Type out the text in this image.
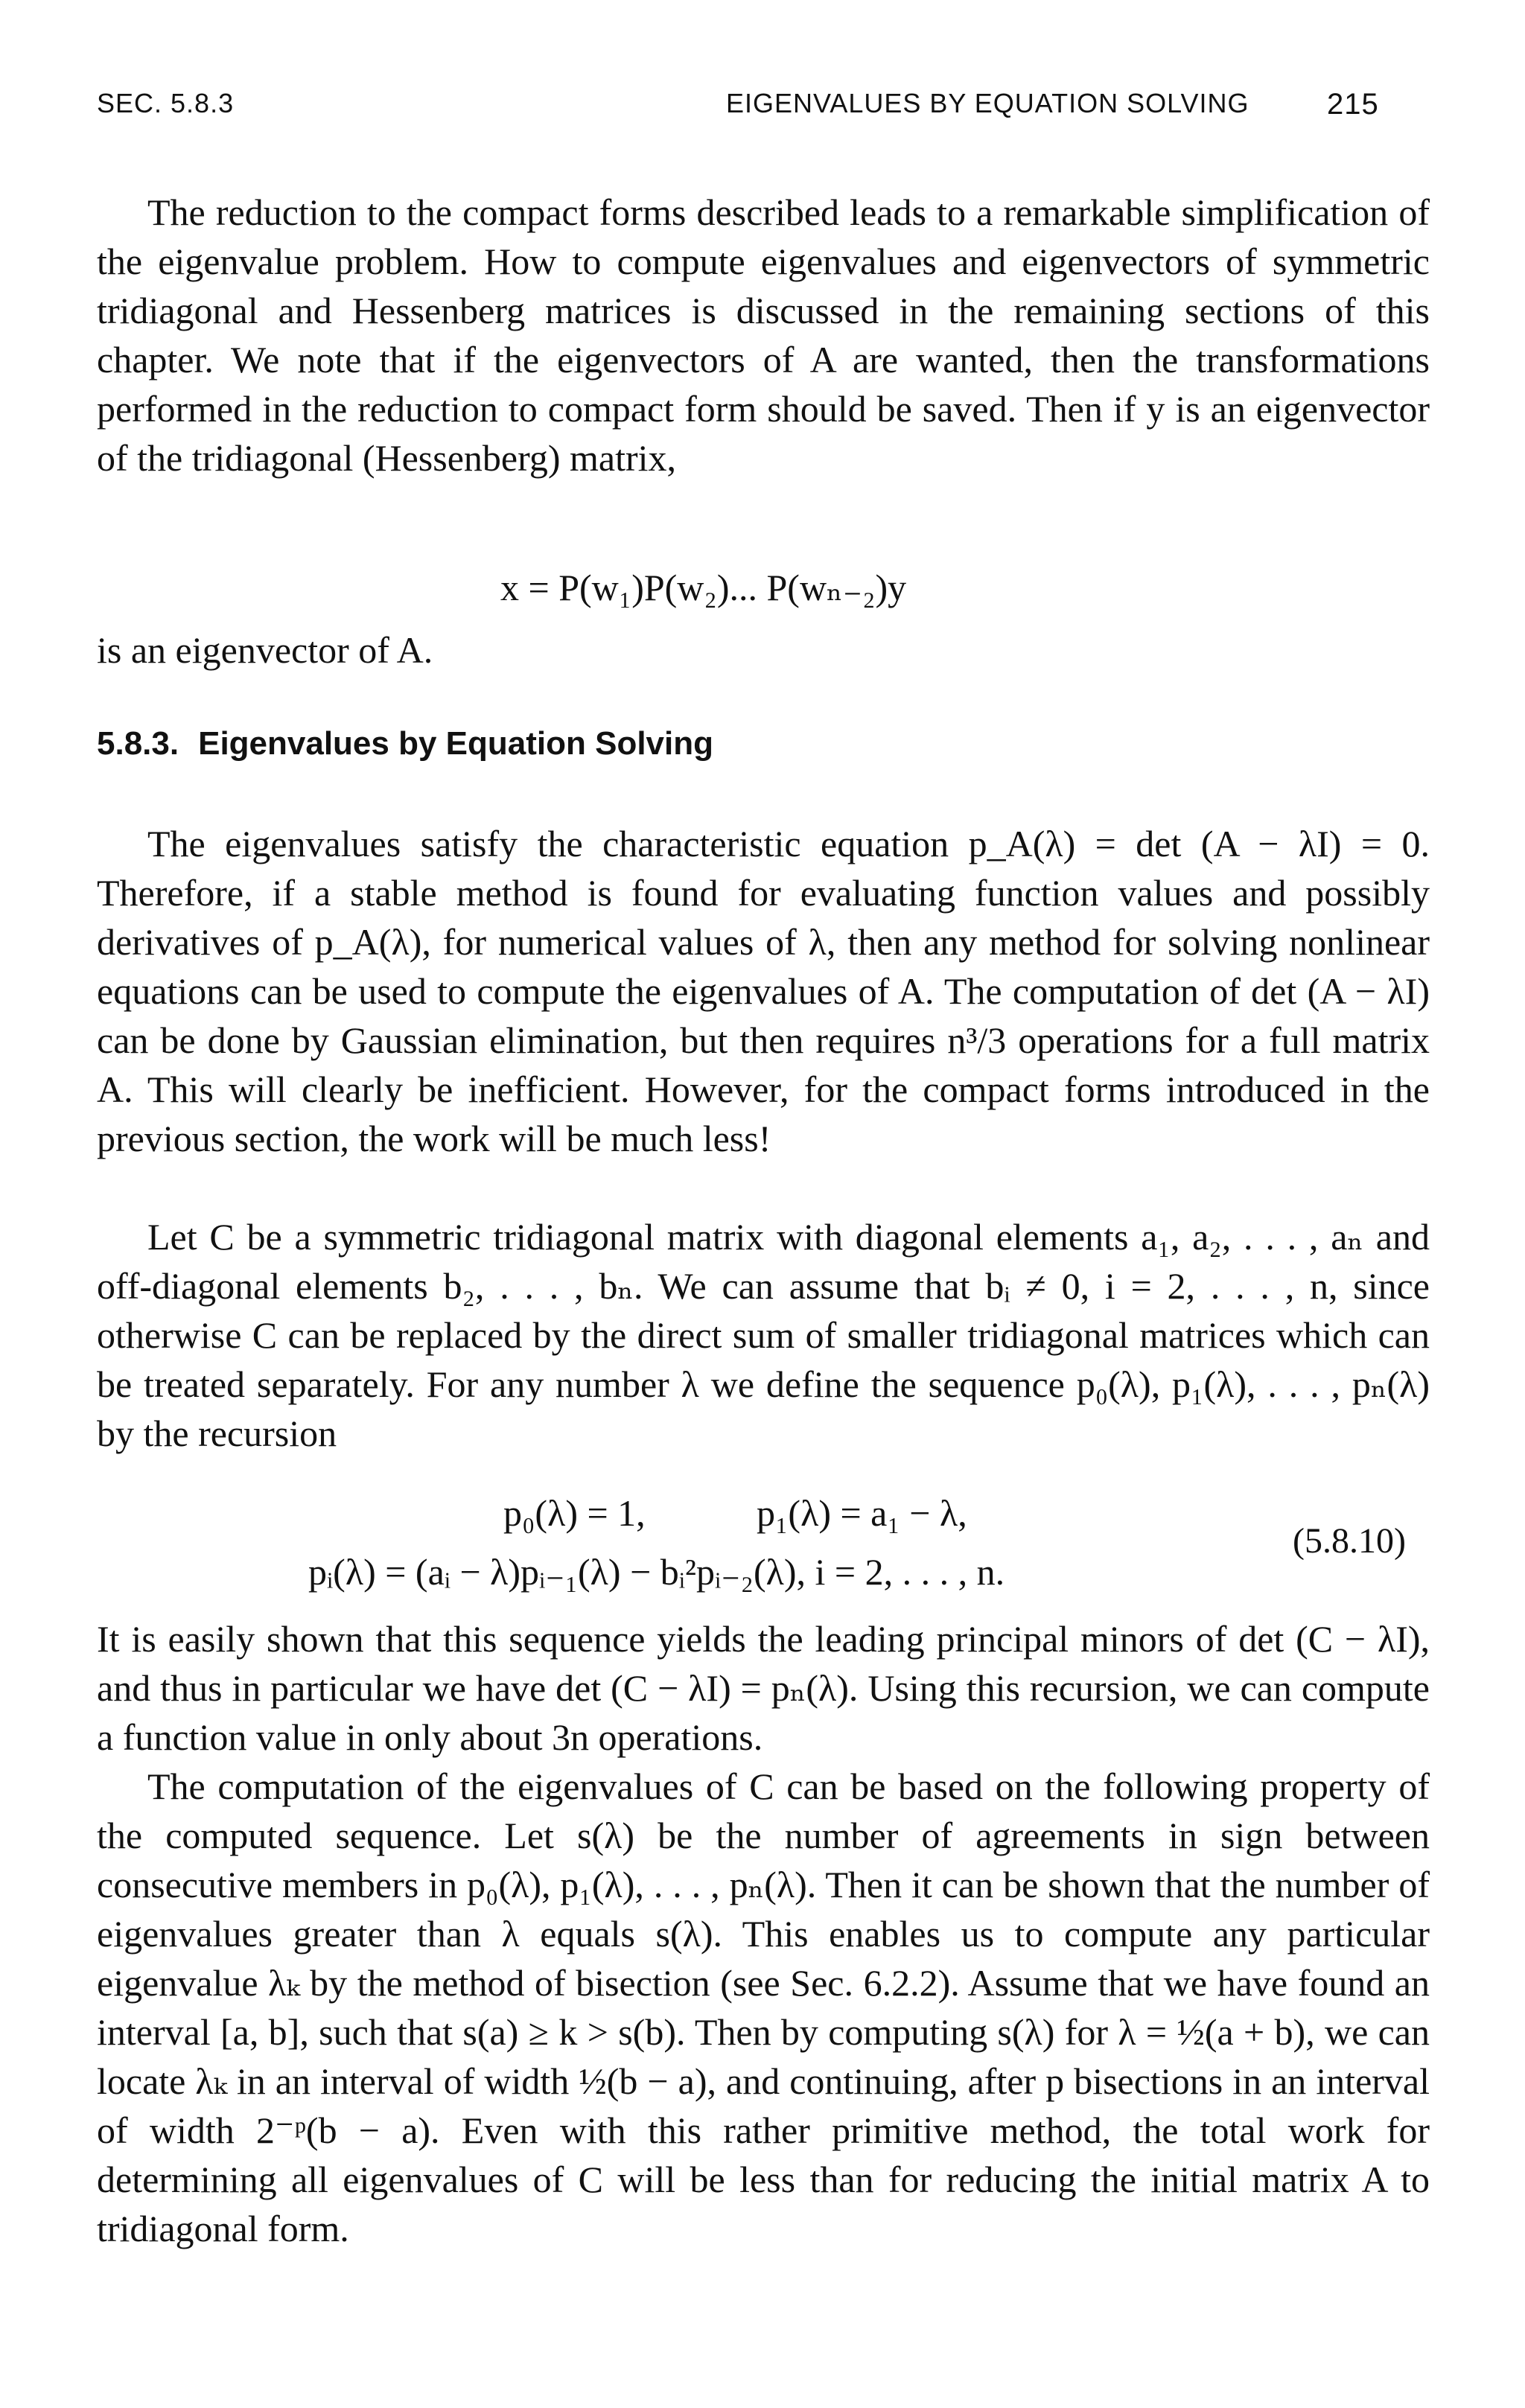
SEC. 5.8.3	EIGENVALUES BY EQUATION SOLVING	215

The reduction to the compact forms described leads to a remarkable simplification of the eigenvalue problem. How to compute eigenvalues and eigenvectors of symmetric tridiagonal and Hessenberg matrices is discussed in the remaining sections of this chapter. We note that if the eigenvectors of A are wanted, then the transformations performed in the reduction to compact form should be saved. Then if y is an eigenvector of the tridiagonal (Hessenberg) matrix,

x = P(w₁)P(w₂)... P(wₙ₋₂)y

is an eigenvector of A.

5.8.3. Eigenvalues by Equation Solving

The eigenvalues satisfy the characteristic equation p_A(λ) = det (A − λI) = 0. Therefore, if a stable method is found for evaluating function values and possibly derivatives of p_A(λ), for numerical values of λ, then any method for solving nonlinear equations can be used to compute the eigenvalues of A. The computation of det (A − λI) can be done by Gaussian elimination, but then requires n³/3 operations for a full matrix A. This will clearly be inefficient. However, for the compact forms introduced in the previous section, the work will be much less!

Let C be a symmetric tridiagonal matrix with diagonal elements a₁, a₂, . . . , aₙ and off-diagonal elements b₂, . . . , bₙ. We can assume that bᵢ ≠ 0, i = 2, . . . , n, since otherwise C can be replaced by the direct sum of smaller tridiagonal matrices which can be treated separately. For any number λ we define the sequence p₀(λ), p₁(λ), . . . , pₙ(λ) by the recursion

p₀(λ) = 1,	p₁(λ) = a₁ − λ,
pᵢ(λ) = (aᵢ − λ)pᵢ₋₁(λ) − bᵢ²pᵢ₋₂(λ), i = 2, . . . , n.
(5.8.10)

It is easily shown that this sequence yields the leading principal minors of det (C − λI), and thus in particular we have det (C − λI) = pₙ(λ). Using this recursion, we can compute a function value in only about 3n operations.

The computation of the eigenvalues of C can be based on the following property of the computed sequence. Let s(λ) be the number of agreements in sign between consecutive members in p₀(λ), p₁(λ), . . . , pₙ(λ). Then it can be shown that the number of eigenvalues greater than λ equals s(λ). This enables us to compute any particular eigenvalue λₖ by the method of bisection (see Sec. 6.2.2). Assume that we have found an interval [a, b], such that s(a) ≥ k > s(b). Then by computing s(λ) for λ = ½(a + b), we can locate λₖ in an interval of width ½(b − a), and continuing, after p bisections in an interval of width 2⁻ᵖ(b − a). Even with this rather primitive method, the total work for determining all eigenvalues of C will be less than for reducing the initial matrix A to tridiagonal form.
